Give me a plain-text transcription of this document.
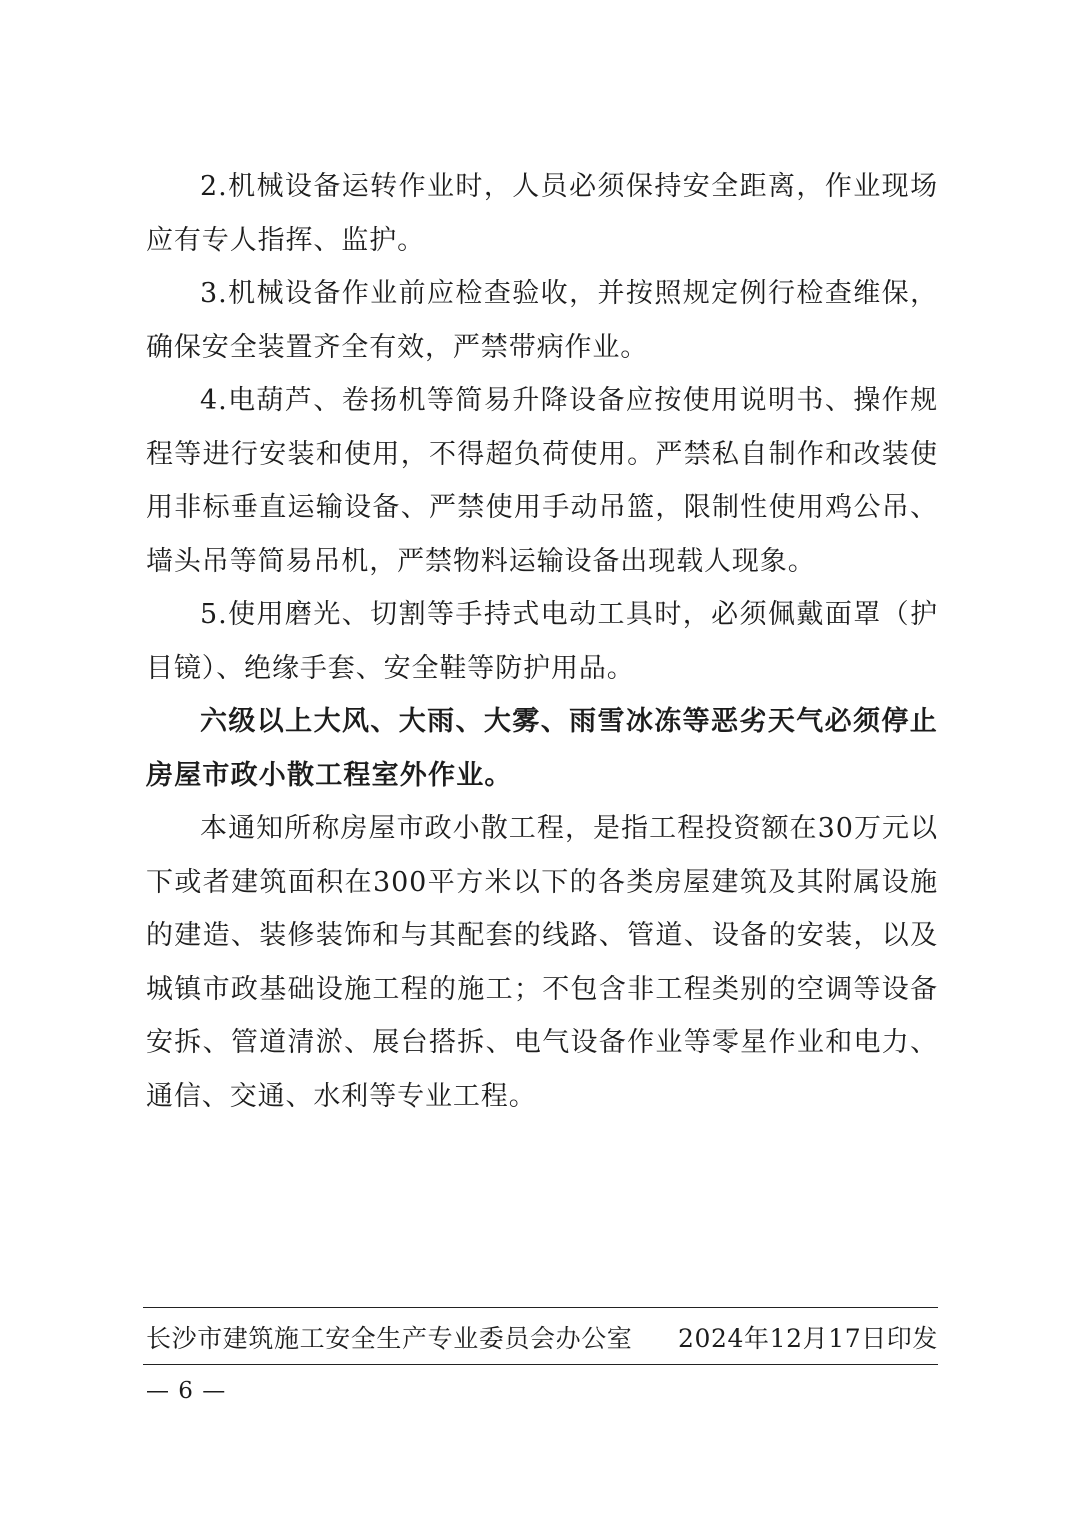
2.机械设备运转作业时，人员必须保持安全距离，作业现场应有专人指挥、监护。

3.机械设备作业前应检查验收，并按照规定例行检查维保，确保安全装置齐全有效，严禁带病作业。

4.电葫芦、卷扬机等简易升降设备应按使用说明书、操作规程等进行安装和使用，不得超负荷使用。严禁私自制作和改装使用非标垂直运输设备、严禁使用手动吊篮，限制性使用鸡公吊、墙头吊等简易吊机，严禁物料运输设备出现载人现象。

5.使用磨光、切割等手持式电动工具时，必须佩戴面罩（护目镜）、绝缘手套、安全鞋等防护用品。

六级以上大风、大雨、大雾、雨雪冰冻等恶劣天气必须停止房屋市政小散工程室外作业。

本通知所称房屋市政小散工程，是指工程投资额在30万元以下或者建筑面积在300平方米以下的各类房屋建筑及其附属设施的建造、装修装饰和与其配套的线路、管道、设备的安装，以及城镇市政基础设施工程的施工；不包含非工程类别的空调等设备安拆、管道清淤、展台搭拆、电气设备作业等零星作业和电力、通信、交通、水利等专业工程。

长沙市建筑施工安全生产专业委员会办公室 2024年12月17日印发
— 6 —
